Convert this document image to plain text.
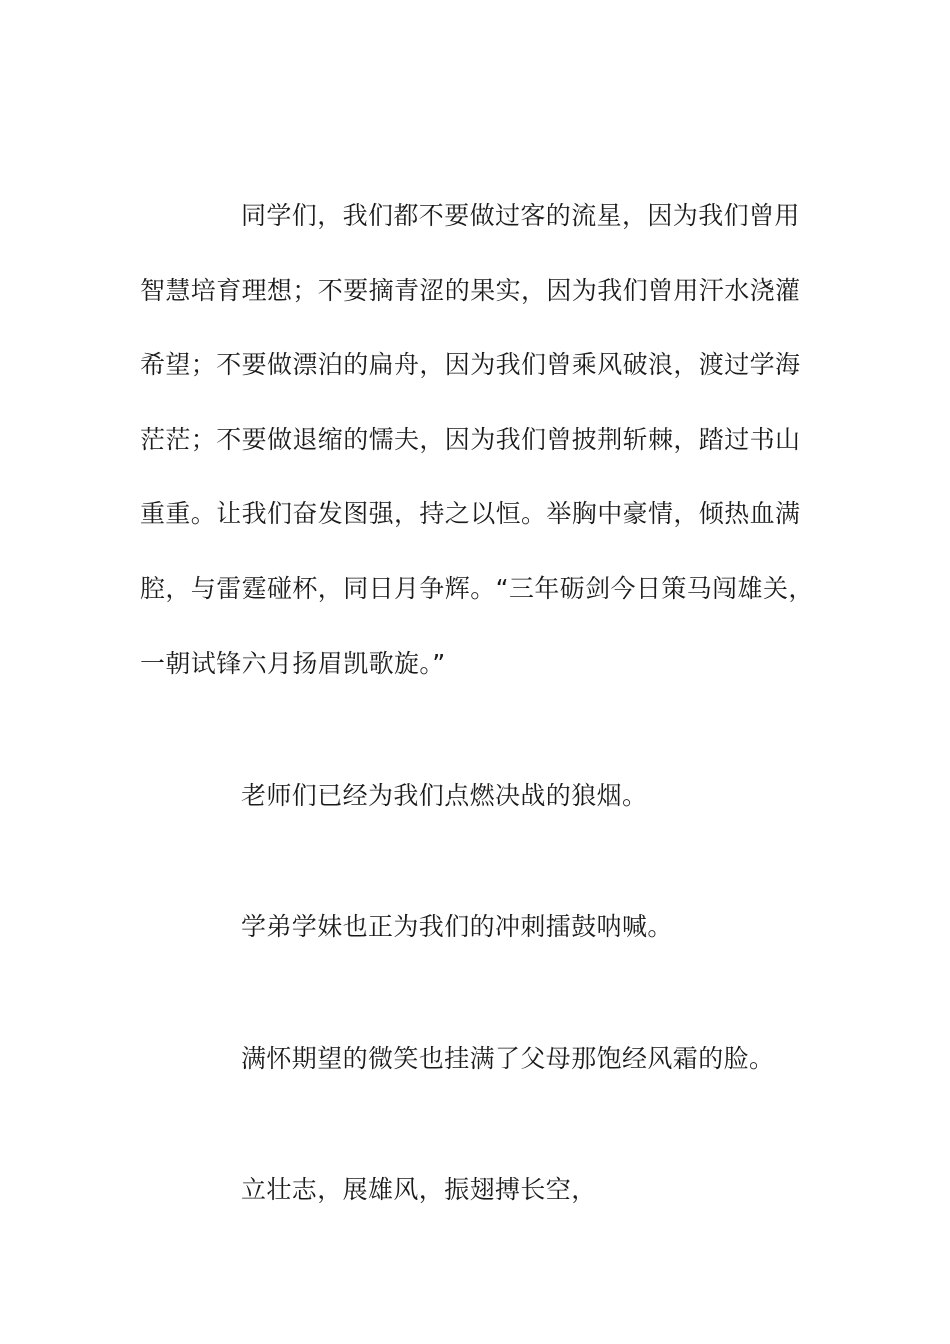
同学们，我们都不要做过客的流星，因为我们曾用
智慧培育理想；不要摘青涩的果实，因为我们曾用汗水浇灌
希望；不要做漂泊的扁舟，因为我们曾乘风破浪，渡过学海
茫茫；不要做退缩的懦夫，因为我们曾披荆斩棘，踏过书山
重重。让我们奋发图强，持之以恒。举胸中豪情，倾热血满
腔，与雷霆碰杯，同日月争辉。“三年砺剑今日策马闯雄关，
一朝试锋六月扬眉凯歌旋。”
老师们已经为我们点燃决战的狼烟。
学弟学妹也正为我们的冲刺擂鼓呐喊。
满怀期望的微笑也挂满了父母那饱经风霜的脸。
立壮志，展雄风，振翅搏长空，
